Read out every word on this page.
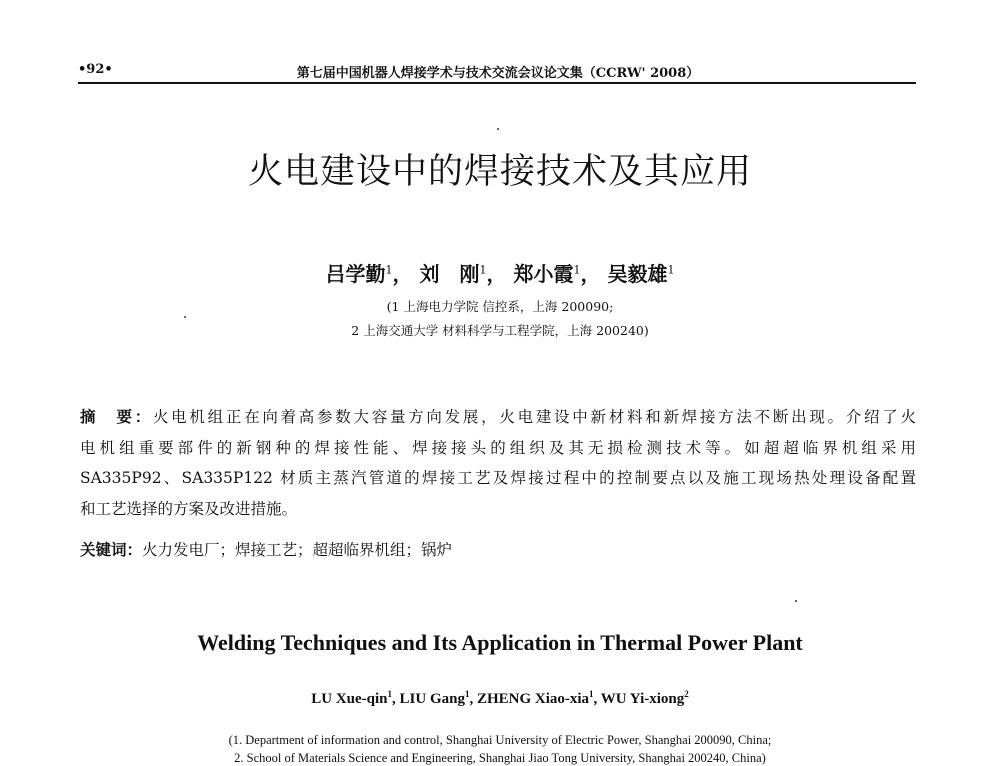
•92•	第七届中国机器人焊接学术与技术交流会议论文集（CCRW' 2008）
火电建设中的焊接技术及其应用
吕学勤$^1$， 刘　刚$^1$， 郑小霞$^1$， 吴毅雄$^1$
(1 上海电力学院 信控系，上海 200090;
2 上海交通大学 材料科学与工程学院，上海 200240)
摘　要：火电机组正在向着高参数大容量方向发展，火电建设中新材料和新焊接方法不断出现。介绍了火
电机组重要部件的新钢种的焊接性能、焊接接头的组织及其无损检测技术等。如超超临界机组采用
SA335P92、SA335P122 材质主蒸汽管道的焊接工艺及焊接过程中的控制要点以及施工现场热处理设备配置
和工艺选择的方案及改进措施。
关键词：火力发电厂；焊接工艺；超超临界机组；锅炉
Welding Techniques and Its Application in Thermal Power Plant
LU Xue-qin$^1$, LIU Gang$^1$, ZHENG Xiao-xia$^1$, WU Yi-xiong$^2$
(1. Department of information and control, Shanghai University of Electric Power, Shanghai 200090, China;
2. School of Materials Science and Engineering, Shanghai Jiao Tong University, Shanghai 200240, China)
